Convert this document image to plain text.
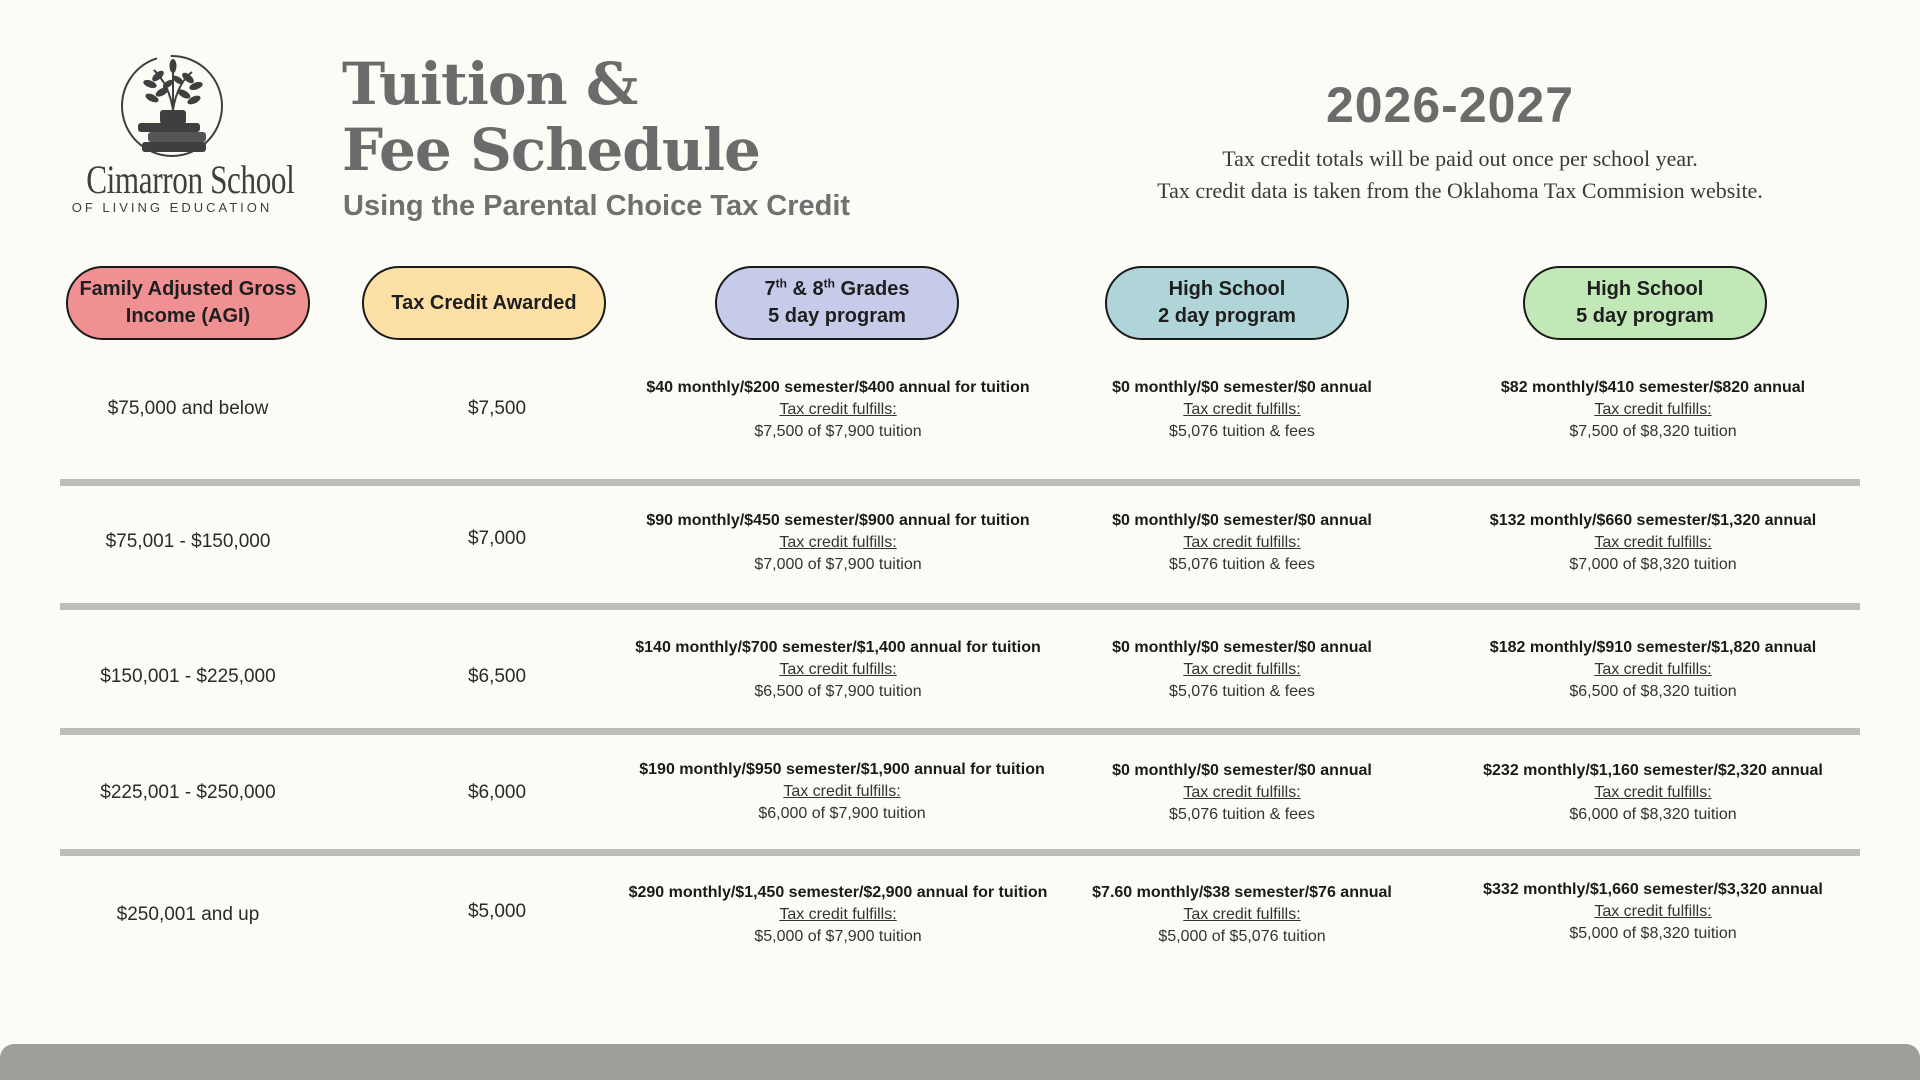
Cimarron School
OF LIVING EDUCATION
Tuition &
Fee Schedule
Using the Parental Choice Tax Credit
2026-2027
Tax credit totals will be paid out once per school year.
Tax credit data is taken from the Oklahoma Tax Commision website.
Family Adjusted Gross
Income (AGI)
Tax Credit Awarded
7th & 8th Grades
5 day program
High School
2 day program
High School
5 day program
$75,000 and below	$7,500
$40 monthly/$200 semester/$400 annual for tuition
Tax credit fulfills:
$7,500 of $7,900 tuition
$0 monthly/$0 semester/$0 annual
Tax credit fulfills:
$5,076 tuition & fees
$82 monthly/$410 semester/$820 annual
Tax credit fulfills:
$7,500 of $8,320 tuition
$75,001 - $150,000	$7,000
$90 monthly/$450 semester/$900 annual for tuition
Tax credit fulfills:
$7,000 of $7,900 tuition
$0 monthly/$0 semester/$0 annual
Tax credit fulfills:
$5,076 tuition & fees
$132 monthly/$660 semester/$1,320 annual
Tax credit fulfills:
$7,000 of $8,320 tuition
$150,001 - $225,000	$6,500
$140 monthly/$700 semester/$1,400 annual for tuition
Tax credit fulfills:
$6,500 of $7,900 tuition
$0 monthly/$0 semester/$0 annual
Tax credit fulfills:
$5,076 tuition & fees
$182 monthly/$910 semester/$1,820 annual
Tax credit fulfills:
$6,500 of $8,320 tuition
$225,001 - $250,000	$6,000
$190 monthly/$950 semester/$1,900 annual for tuition
Tax credit fulfills:
$6,000 of $7,900 tuition
$0 monthly/$0 semester/$0 annual
Tax credit fulfills:
$5,076 tuition & fees
$232 monthly/$1,160 semester/$2,320 annual
Tax credit fulfills:
$6,000 of $8,320 tuition
$250,001 and up	$5,000
$290 monthly/$1,450 semester/$2,900 annual for tuition
Tax credit fulfills:
$5,000 of $7,900 tuition
$7.60 monthly/$38 semester/$76 annual
Tax credit fulfills:
$5,000 of $5,076 tuition
$332 monthly/$1,660 semester/$3,320 annual
Tax credit fulfills:
$5,000 of $8,320 tuition
